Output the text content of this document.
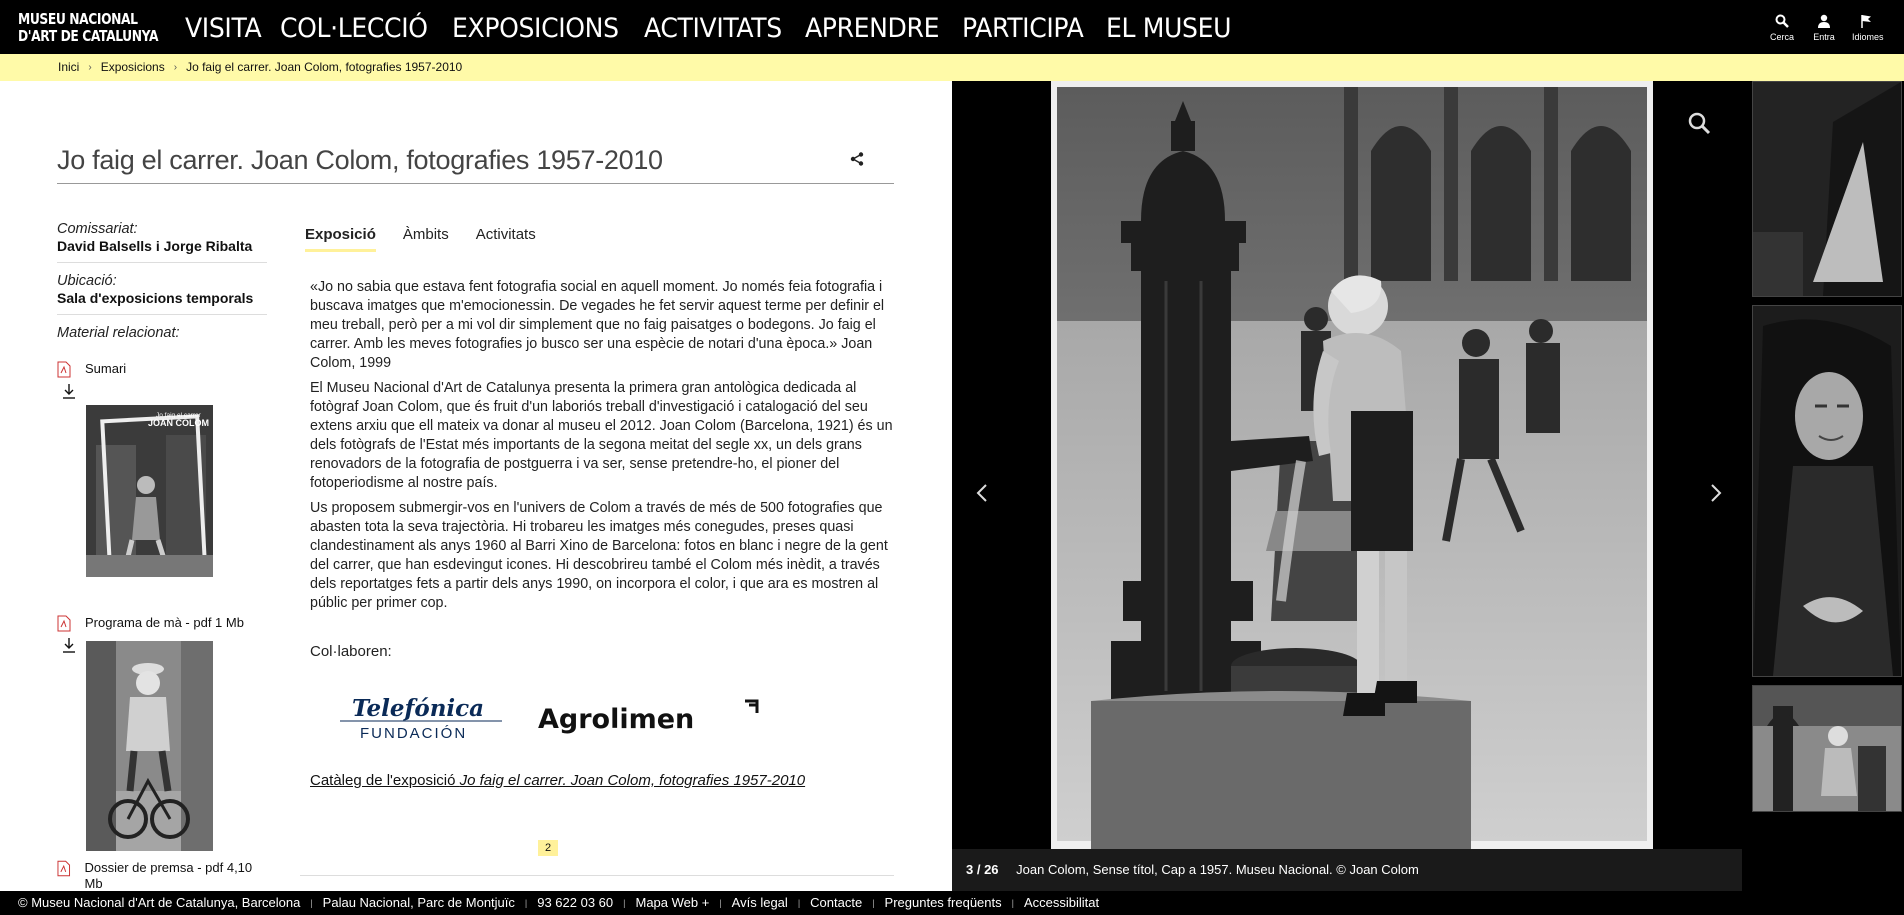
MUSEU NACIONAL
D'ART DE CATALUNYA VISITA COL·LECCIÓ EXPOSICIONS ACTIVITATS APRENDRE PARTICIPA EL MUSEU	Cerca	Entra	Idiomes
Inici › Exposicions › Jo faig el carrer. Joan Colom, fotografies 1957-2010
Jo faig el carrer. Joan Colom, fotografies 1957-2010
Comissariat:
David Balsells i Jorge Ribalta
Ubicació:
Sala d'exposicions temporals
Material relacionat:
Sumari
Jo faig el carrer
JOAN COLOM
Programa de mà - pdf 1 Mb
Dossier de premsa - pdf 4,10 Mb
Exposició Àmbits Activitats

«Jo no sabia que estava fent fotografia social en aquell moment. Jo només feia fotografia i buscava imatges que m'emocionessin. De vegades he fet servir aquest terme per definir el meu treball, però per a mi vol dir simplement que no faig paisatges o bodegons. Jo faig el carrer. Amb les meves fotografies jo busco ser una espècie de notari d'una època.» Joan Colom, 1999

El Museu Nacional d'Art de Catalunya presenta la primera gran antològica dedicada al fotògraf Joan Colom, que és fruit d'un laboriós treball d'investigació i catalogació del seu extens arxiu que ell mateix va donar al museu el 2012. Joan Colom (Barcelona, 1921) és un dels fotògrafs de l'Estat més importants de la segona meitat del segle xx, un dels grans renovadors de la fotografia de postguerra i va ser, sense pretendre-ho, el pioner del fotoperiodisme al nostre país.

Us proposem submergir-vos en l'univers de Colom a través de més de 500 fotografies que abasten tota la seva trajectòria. Hi trobareu les imatges més conegudes, preses quasi clandestinament als anys 1960 al Barri Xino de Barcelona: fotos en blanc i negre de la gent del carrer, que han esdevingut icones. Hi descobrireu també el Colom més inèdit, a través dels reportatges fets a partir dels anys 1990, on incorpora el color, i que ara es mostren al públic per primer cop.

Col·laboren:
Telefónica
FUNDACIÓN	Agrolimen
Catàleg de l'exposició Jo faig el carrer. Joan Colom, fotografies 1957-2010
2
3 / 26 Joan Colom, Sense títol, Cap a 1957. Museu Nacional. © Joan Colom
© Museu Nacional d'Art de Catalunya, Barcelona | Palau Nacional, Parc de Montjuïc | 93 622 03 60 | Mapa Web + | Avís legal | Contacte | Preguntes freqüents | Accessibilitat
